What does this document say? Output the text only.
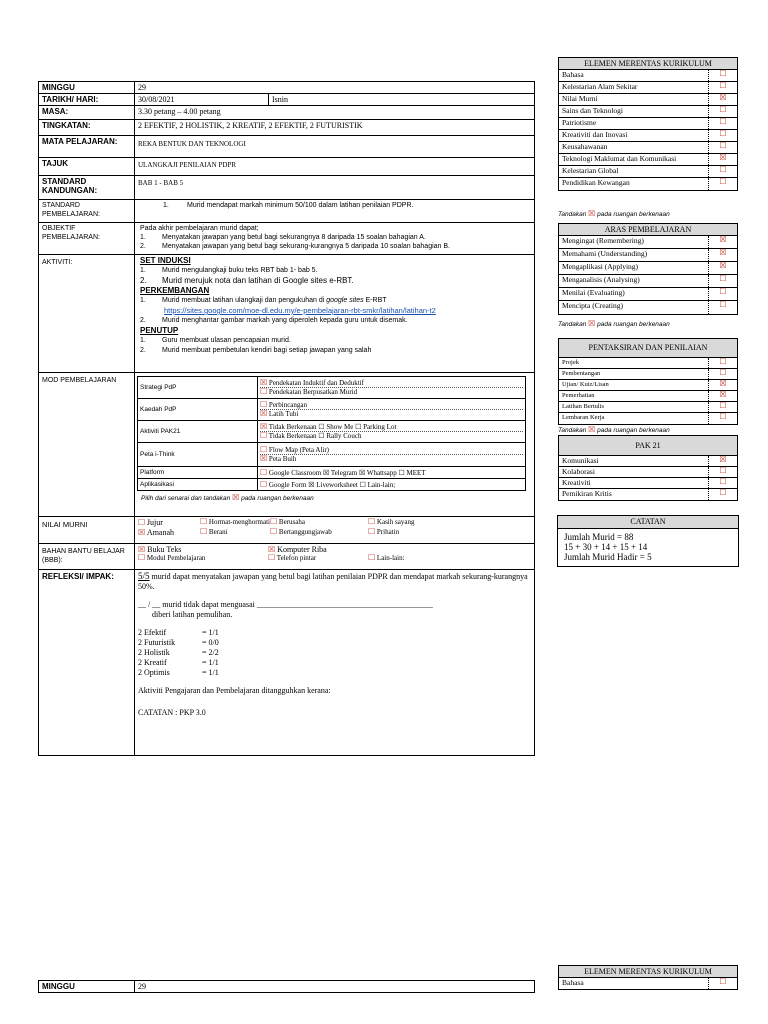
MINGGU	29
TARIKH/ HARI:	30/08/2021	Isnin
MASA:	3.30 petang – 4.00 petang
TINGKATAN:	2 EFEKTIF, 2 HOLISTIK, 2 KREATIF, 2 EFEKTIF, 2 FUTURISTIK
MATA PELAJARAN:	REKA BENTUK DAN TEKNOLOGI
TAJUK	ULANGKAJI PENILAIAN PDPR
STANDARD KANDUNGAN:	BAB 1 - BAB 5
STANDARD PEMBELAJARAN:	1.	Murid mendapat markah minimum 50/100 dalam latihan penilaian PDPR.
OBJEKTIF PEMBELAJARAN:	
Pada akhir pembelajaran murid dapat;
1. Menyatakan jawapan yang betul bagi sekurangnya 8 daripada 15 soalan bahagian A.
2. Menyatakan jawapan yang betul bagi sekurang-kurangnya 5 daripada 10 soalan bahagian B.

AKTIVITI:	SET INDUKSI
1. Murid mengulangkaji buku teks RBT bab 1- bab 5.
2. Murid merujuk nota dan latihan di Google sites e-RBT.
PERKEMBANGAN
1. Murid membuat latihan ulangkaji dan pengukuhan di google sites E-RBT
https://sites.google.com/moe-dl.edu.my/e-pembelajaran-rbt-smkr/latihan/latihan-t2
2. Murid menghantar gambar markah yang diperoleh kepada guru untuk disemak.
PENUTUP
1. Guru membuat ulasan pencapaian murid.
2. Murid membuat pembetulan kendiri bagi setiap jawapan yang salah

MOD PEMBELAJARAN	
Strategi PdP	☒ Pendekatan Induktif dan Deduktif
☐ Pendekatan Berpusatkan Murid

Kaedah PdP	☐ Perbincangan
☒ Latih Tubi

Aktiviti PAK21	☒ Tidak Berkenaan ☐ Show Me ☐ Parking Lot
☐ Tidak Berkenaan ☐ Rally Couch

Peta i-Think	☐ Flow Map (Peta Alir)
☒ Peta Buih

Platform	☐ Google Classroom ☒ Telegram ☒ Whattsapp ☐ MEET
Aplikasikasi	☐ Google Form ☒ Liveworksheet ☐ Lain-lain;
Pilih dari senarai dan tandakan ☒ pada ruangan berkenaan

NILAI MURNI	☐ Jujur	☐ Hormat-menghormati ☐ Berusaha	☐ Kasih sayang
☒ Amanah	☐ Berani	☐ Bertanggungjawab	☐ Prihatin

BAHAN BANTU BELAJAR (BBB):	
☒ Buku Teks	☒ Komputer Riba
☐ Modul Pembelajaran	☐ Telefon pintar	☐ Lain-lain:

REFLEKSI/ IMPAK:	5/5 murid dapat menyatakan jawapan yang betul bagi latihan penilaian PDPR dan mendapat markah sekurang-kurangnya 50%.
__ / __ murid tidak dapat menguasai ____________________________________________
diberi latihan pemulihan.
2 Efektif	= 1/1
2 Futuristik	= 0/0
2 Holistik	= 2/2
2 Kreatif	= 1/1
2 Optimis	= 1/1
Aktiviti Pengajaran dan Pembelajaran ditangguhkan kerana:
CATATAN : PKP 3.0
ELEMEN MERENTAS KURIKULUM
Bahasa	☐
Kelestarian Alam Sekitar	☐
Nilai Murni	☒
Sains dan Teknologi	☐
Patriotisme	☐
Kreativiti dan Inovasi	☐
Keusahawanan	☐
Teknologi Maklumat dan Komunikasi	☒
Kelestarian Global	☐
Pendidikan Kewangan	☐
Tandakan ☒ pada ruangan berkenaan
ARAS PEMBELAJARAN
Mengingat (Remembering)	☒
Memahami (Understanding)	☒
Mengaplikasi (Applying)	☒
Menganalisis (Analysing)	☐
Menilai (Evaluating)	☐
Mencipta (Creating)	☐
Tandakan ☒ pada ruangan berkenaan
PENTAKSIRAN DAN PENILAIAN
Projek	☐
Pembentangan	☐
Ujian/ Kuiz/Lisan	☒
Pemerhatian	☒
Latihan Bertulis	☐
Lembaran Kerja	☐
Tandakan ☒ pada ruangan berkenaan
PAK 21
Komunikasi	☒
Kolaborasi	☐
Kreativiti	☐
Pemikiran Kritis	☐
CATATAN
Jumlah Murid = 88
15 + 30 + 14 + 15 + 14
Jumlah Murid Hadir = 5
MINGGU	29
ELEMEN MERENTAS KURIKULUM
Bahasa	☐
